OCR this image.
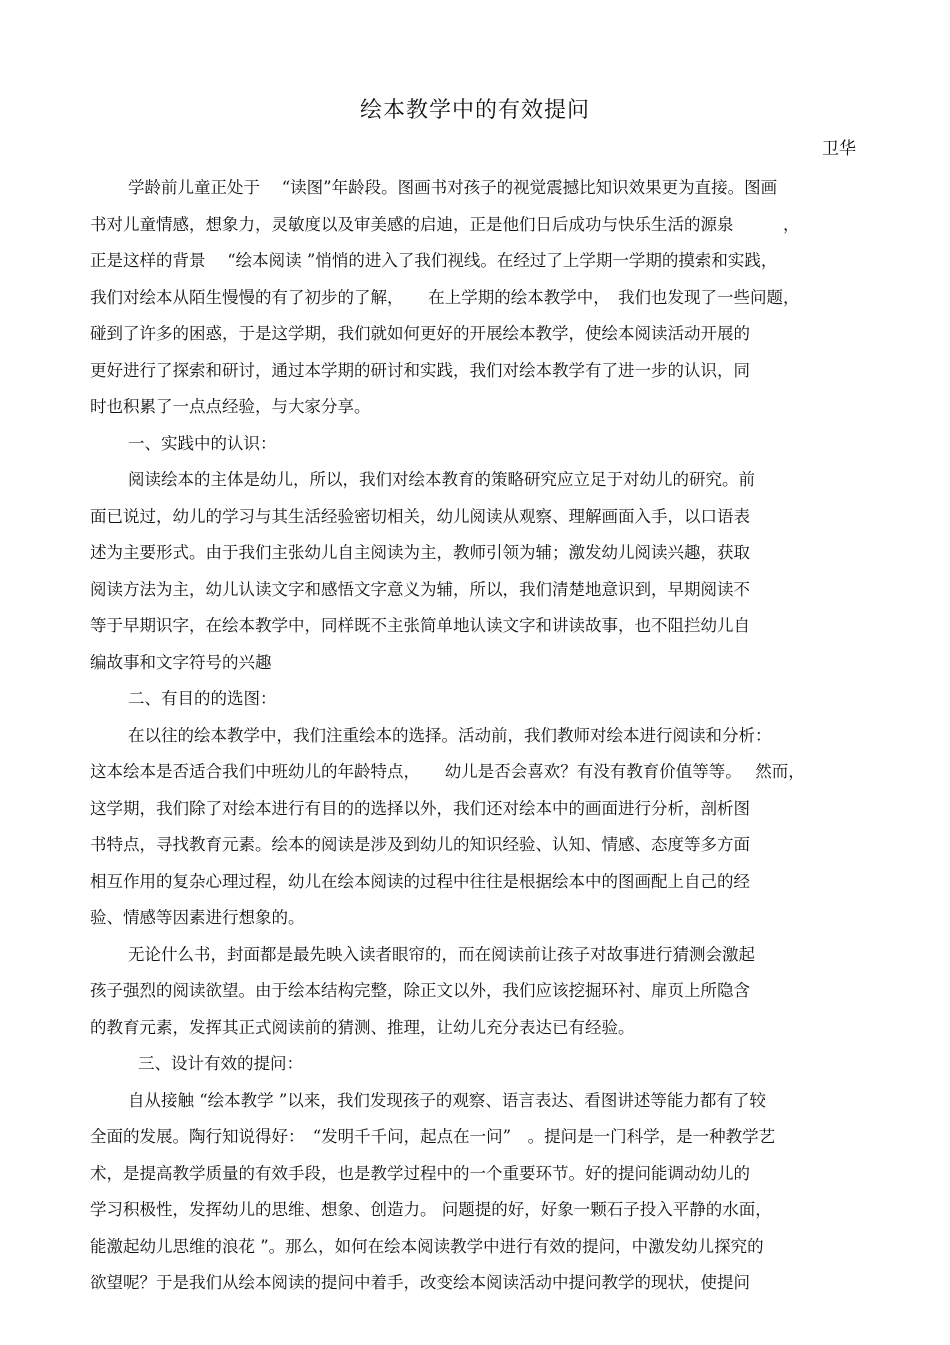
绘本教学中的有效提问
卫华
学龄前儿童正处于　 “读图”年龄段。图画书对孩子的视觉震撼比知识效果更为直接。图画
书对儿童情感，想象力，灵敏度以及审美感的启迪，正是他们日后成功与快乐生活的源泉　　　，
正是这样的背景　 “绘本阅读 ”悄悄的进入了我们视线。在经过了上学期一学期的摸索和实践，
我们对绘本从陌生慢慢的有了初步的了解，　　在上学期的绘本教学中，　我们也发现了一些问题，
碰到了许多的困惑，于是这学期，我们就如何更好的开展绘本教学，使绘本阅读活动开展的
更好进行了探索和研讨，通过本学期的研讨和实践，我们对绘本教学有了进一步的认识，同
时也积累了一点点经验，与大家分享。
一、实践中的认识：
阅读绘本的主体是幼儿，所以，我们对绘本教育的策略研究应立足于对幼儿的研究。前
面已说过，幼儿的学习与其生活经验密切相关，幼儿阅读从观察、理解画面入手，以口语表
述为主要形式。由于我们主张幼儿自主阅读为主，教师引领为辅；激发幼儿阅读兴趣，获取
阅读方法为主，幼儿认读文字和感悟文字意义为辅，所以，我们清楚地意识到，早期阅读不
等于早期识字，在绘本教学中，同样既不主张简单地认读文字和讲读故事，也不阻拦幼儿自
编故事和文字符号的兴趣
二、有目的的选图：
在以往的绘本教学中，我们注重绘本的选择。活动前，我们教师对绘本进行阅读和分析：
这本绘本是否适合我们中班幼儿的年龄特点，　　幼儿是否会喜欢？有没有教育价值等等。　 然而，
这学期，我们除了对绘本进行有目的的选择以外，我们还对绘本中的画面进行分析，剖析图
书特点，寻找教育元素。绘本的阅读是涉及到幼儿的知识经验、认知、情感、态度等多方面
相互作用的复杂心理过程，幼儿在绘本阅读的过程中往往是根据绘本中的图画配上自己的经
验、情感等因素进行想象的。
无论什么书，封面都是最先映入读者眼帘的，而在阅读前让孩子对故事进行猜测会激起
孩子强烈的阅读欲望。由于绘本结构完整，除正文以外，我们应该挖掘环衬、扉页上所隐含
的教育元素，发挥其正式阅读前的猜测、推理，让幼儿充分表达已有经验。
三、设计有效的提问：
自从接触 “绘本教学 ”以来，我们发现孩子的观察、语言表达、看图讲述等能力都有了较
全面的发展。陶行知说得好：　“发明千千问，起点在一问”　。提问是一门科学，是一种教学艺
术，是提高教学质量的有效手段，也是教学过程中的一个重要环节。好的提问能调动幼儿的
学习积极性，发挥幼儿的思维、想象、创造力。 问题提的好，好象一颗石子投入平静的水面，
能激起幼儿思维的浪花 ”。那么，如何在绘本阅读教学中进行有效的提问，中激发幼儿探究的
欲望呢？于是我们从绘本阅读的提问中着手，改变绘本阅读活动中提问教学的现状，使提问
